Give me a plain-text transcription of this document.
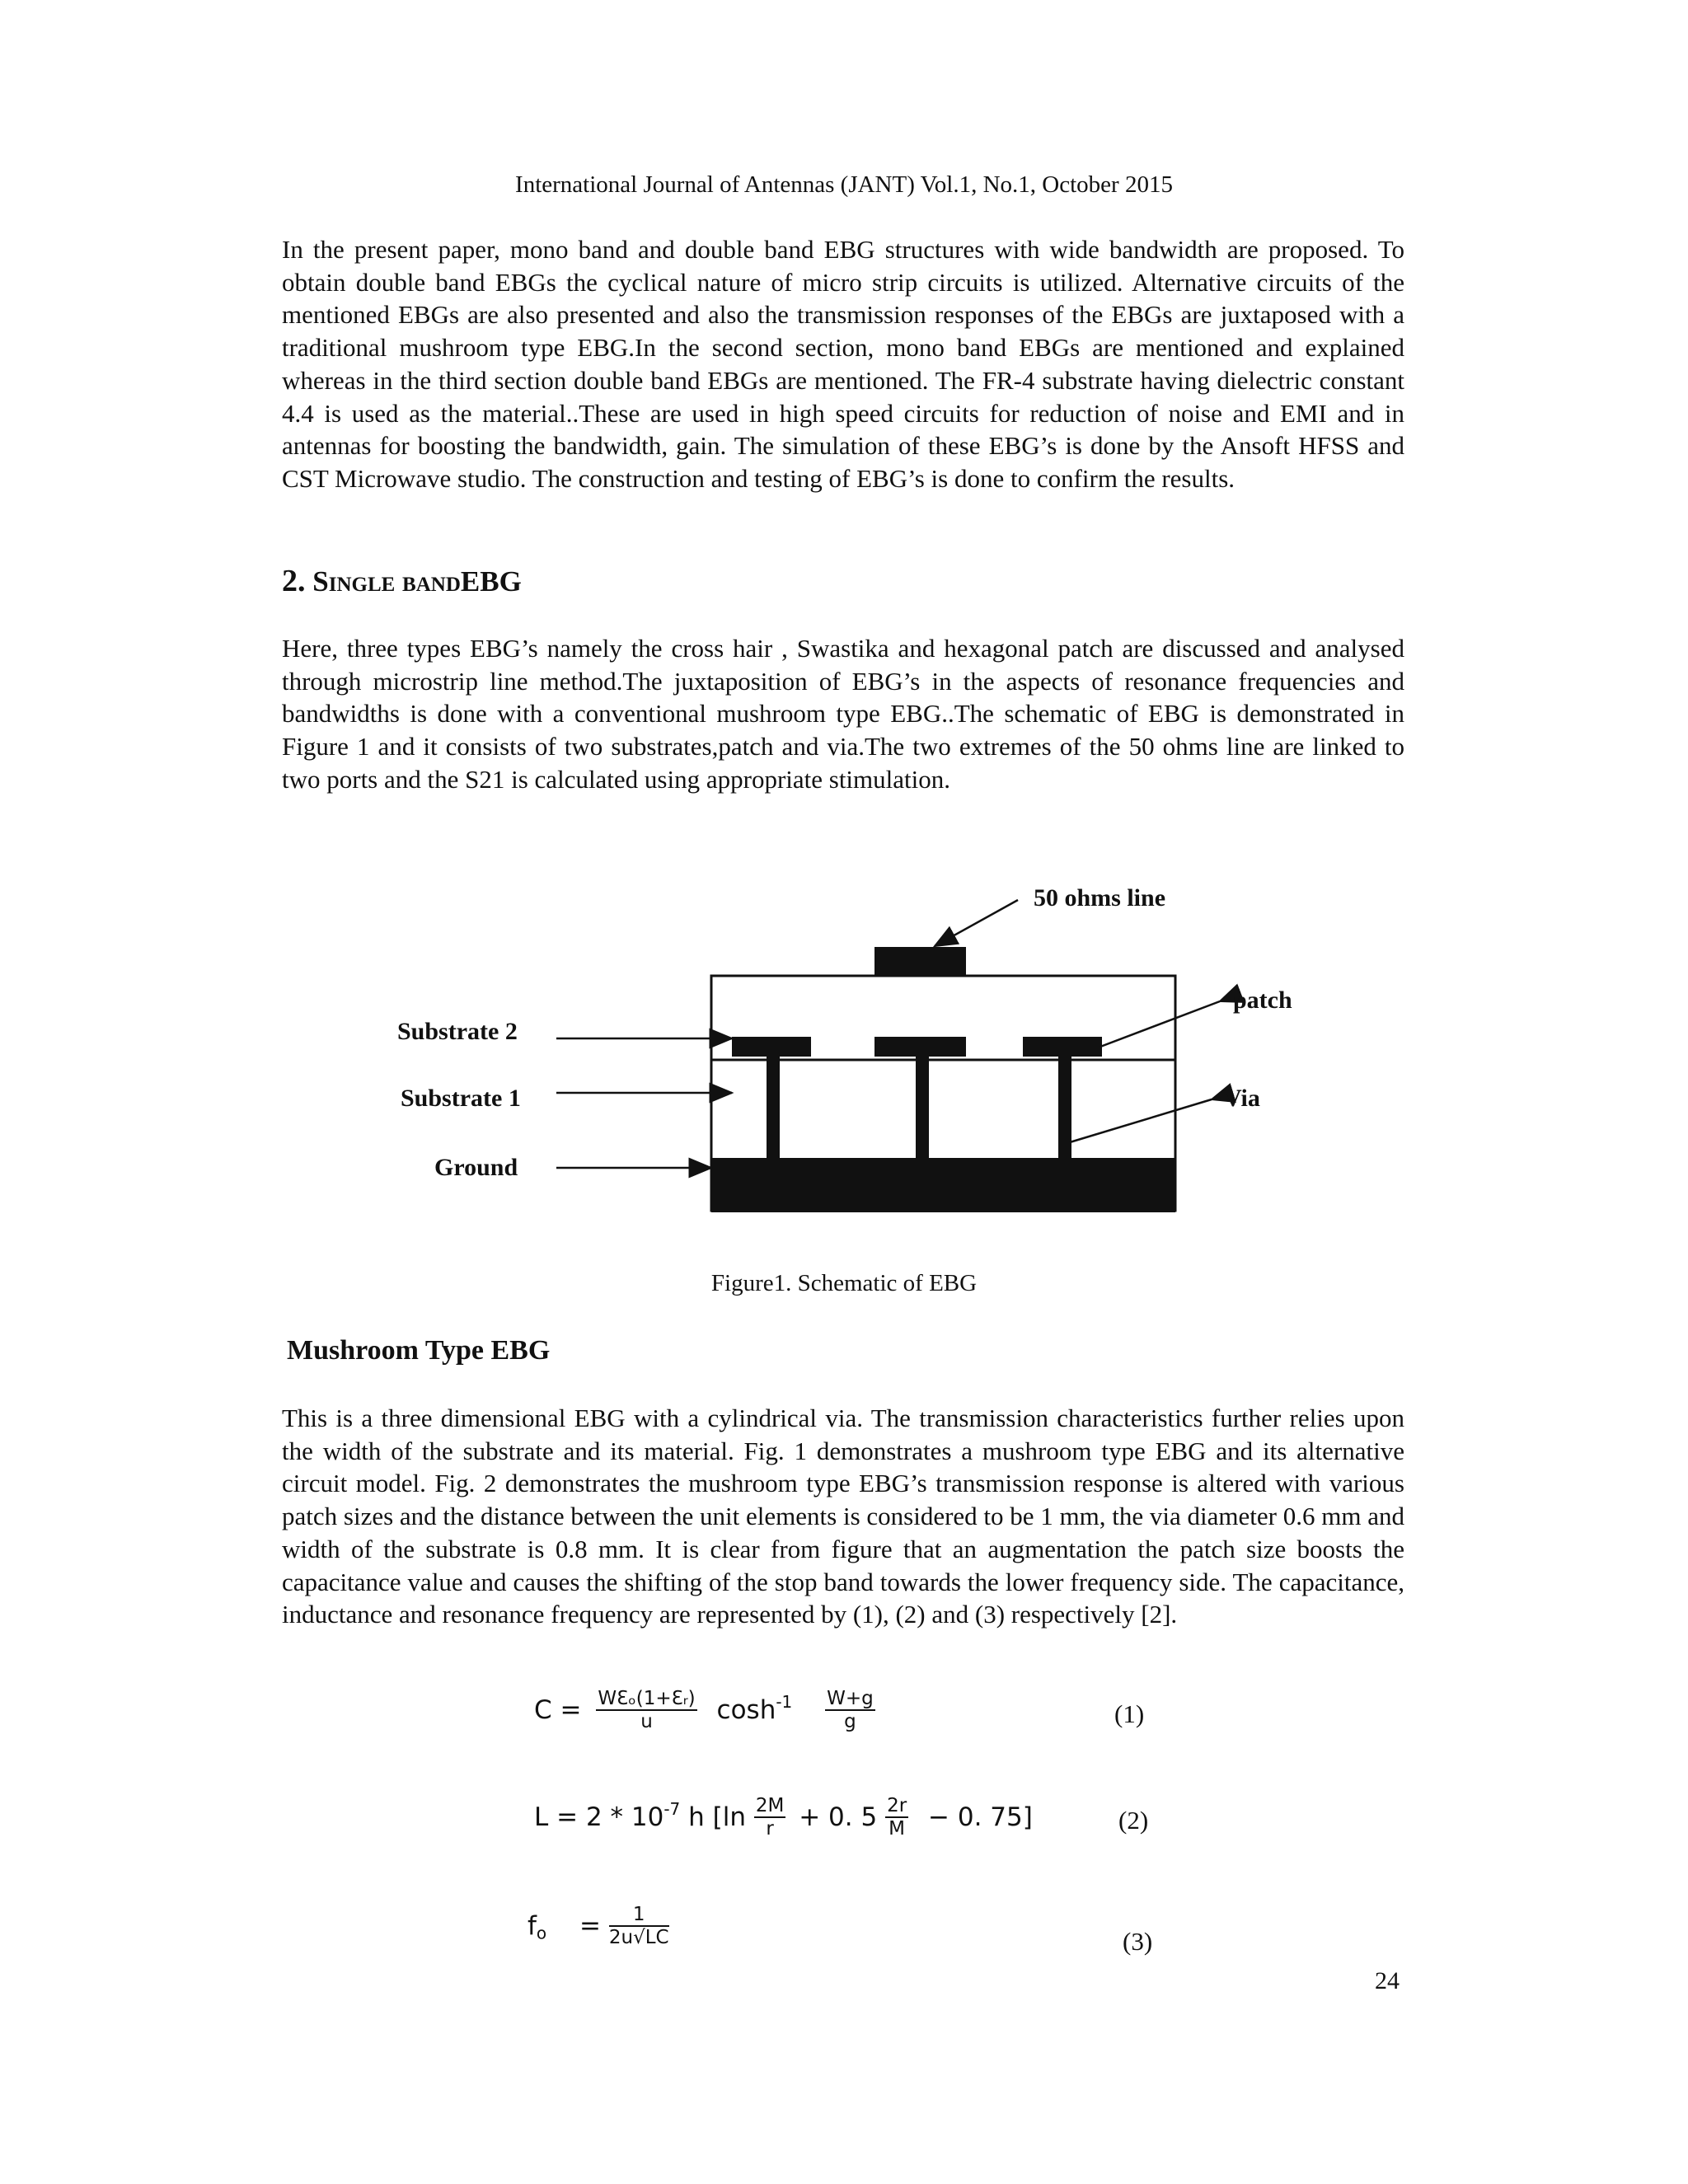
International Journal of Antennas (JANT) Vol.1, No.1, October 2015

In the present paper, mono band and double band EBG structures with wide bandwidth are proposed. To obtain double band EBGs the cyclical nature of micro strip circuits is utilized. Alternative circuits of the mentioned EBGs are also presented and also the transmission responses of the EBGs are juxtaposed with a traditional mushroom type EBG.In the second section, mono band EBGs are mentioned and explained whereas in the third section double band EBGs are mentioned. The FR-4 substrate having dielectric constant 4.4 is used as the material..These are used in high speed circuits for reduction of noise and EMI and in antennas for boosting the bandwidth, gain. The simulation of these EBG’s is done by the Ansoft HFSS and CST Microwave studio. The construction and testing of EBG’s is done to confirm the results.

2. Single bandEBG

Here, three types EBG’s namely the cross hair , Swastika and hexagonal patch are discussed and analysed through microstrip line method.The juxtaposition of EBG’s in the aspects of resonance frequencies and bandwidths is done with a conventional mushroom type EBG..The schematic of EBG is demonstrated in Figure 1 and it consists of two substrates,patch and via.The two extremes of the 50 ohms line are linked to two ports and the S21 is calculated using appropriate stimulation.

50 ohms line
patch
Substrate 2
Substrate 1	Via
Ground
Figure1. Schematic of EBG
Mushroom Type EBG

This is a three dimensional EBG with a cylindrical via. The transmission characteristics further relies upon the width of the substrate and its material. Fig. 1 demonstrates a mushroom type EBG and its alternative circuit model. Fig. 2 demonstrates the mushroom type EBG’s transmission response is altered with various patch sizes and the distance between the unit elements is considered to be 1 mm, the via diameter 0.6 mm and width of the substrate is 0.8 mm. It is clear from figure that an augmentation the patch size boosts the capacitance value and causes the shifting of the stop band towards the lower frequency side. The capacitance, inductance and resonance frequency are represented by (1), (2) and (3) respectively [2].

$C = \frac{\text{WƐₒ(1+Ɛᵣ)}}{u} \cosh^{-1} \frac{W+g}{g}$	(1)
$L = 2 * 10^{-7}$ h [$\ln \frac{2M}{r} + 0$. $5 \frac{2r}{M} - 0$. 75]	(2)
$f_o = \frac{1}{2u√LC}$	(3)
24
